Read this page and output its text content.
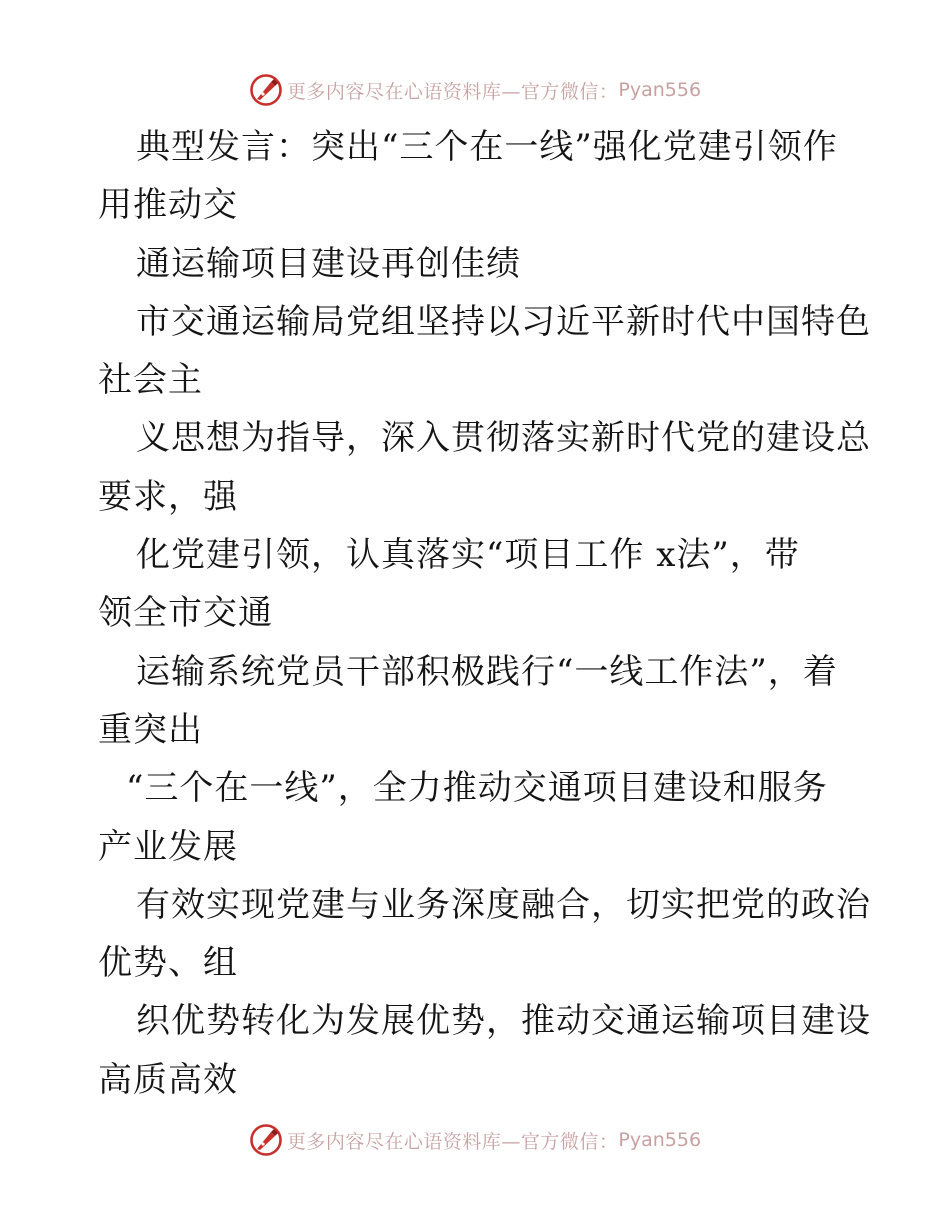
更多内容尽在心语资料库—官方微信： Pyan556
典型发言：突出“三个在一线”强化党建引领作
用推动交
通运输项目建设再创佳绩
市交通运输局党组坚持以习近平新时代中国特色
社会主
义思想为指导，深入贯彻落实新时代党的建设总
要求，强
化党建引领，认真落实“项目工作 x法”，带
领全市交通
运输系统党员干部积极践行“一线工作法”，着
重突出
“三个在一线”，全力推动交通项目建设和服务
产业发展
有效实现党建与业务深度融合，切实把党的政治
优势、组
织优势转化为发展优势，推动交通运输项目建设
高质高效
更多内容尽在心语资料库—官方微信： Pyan556
